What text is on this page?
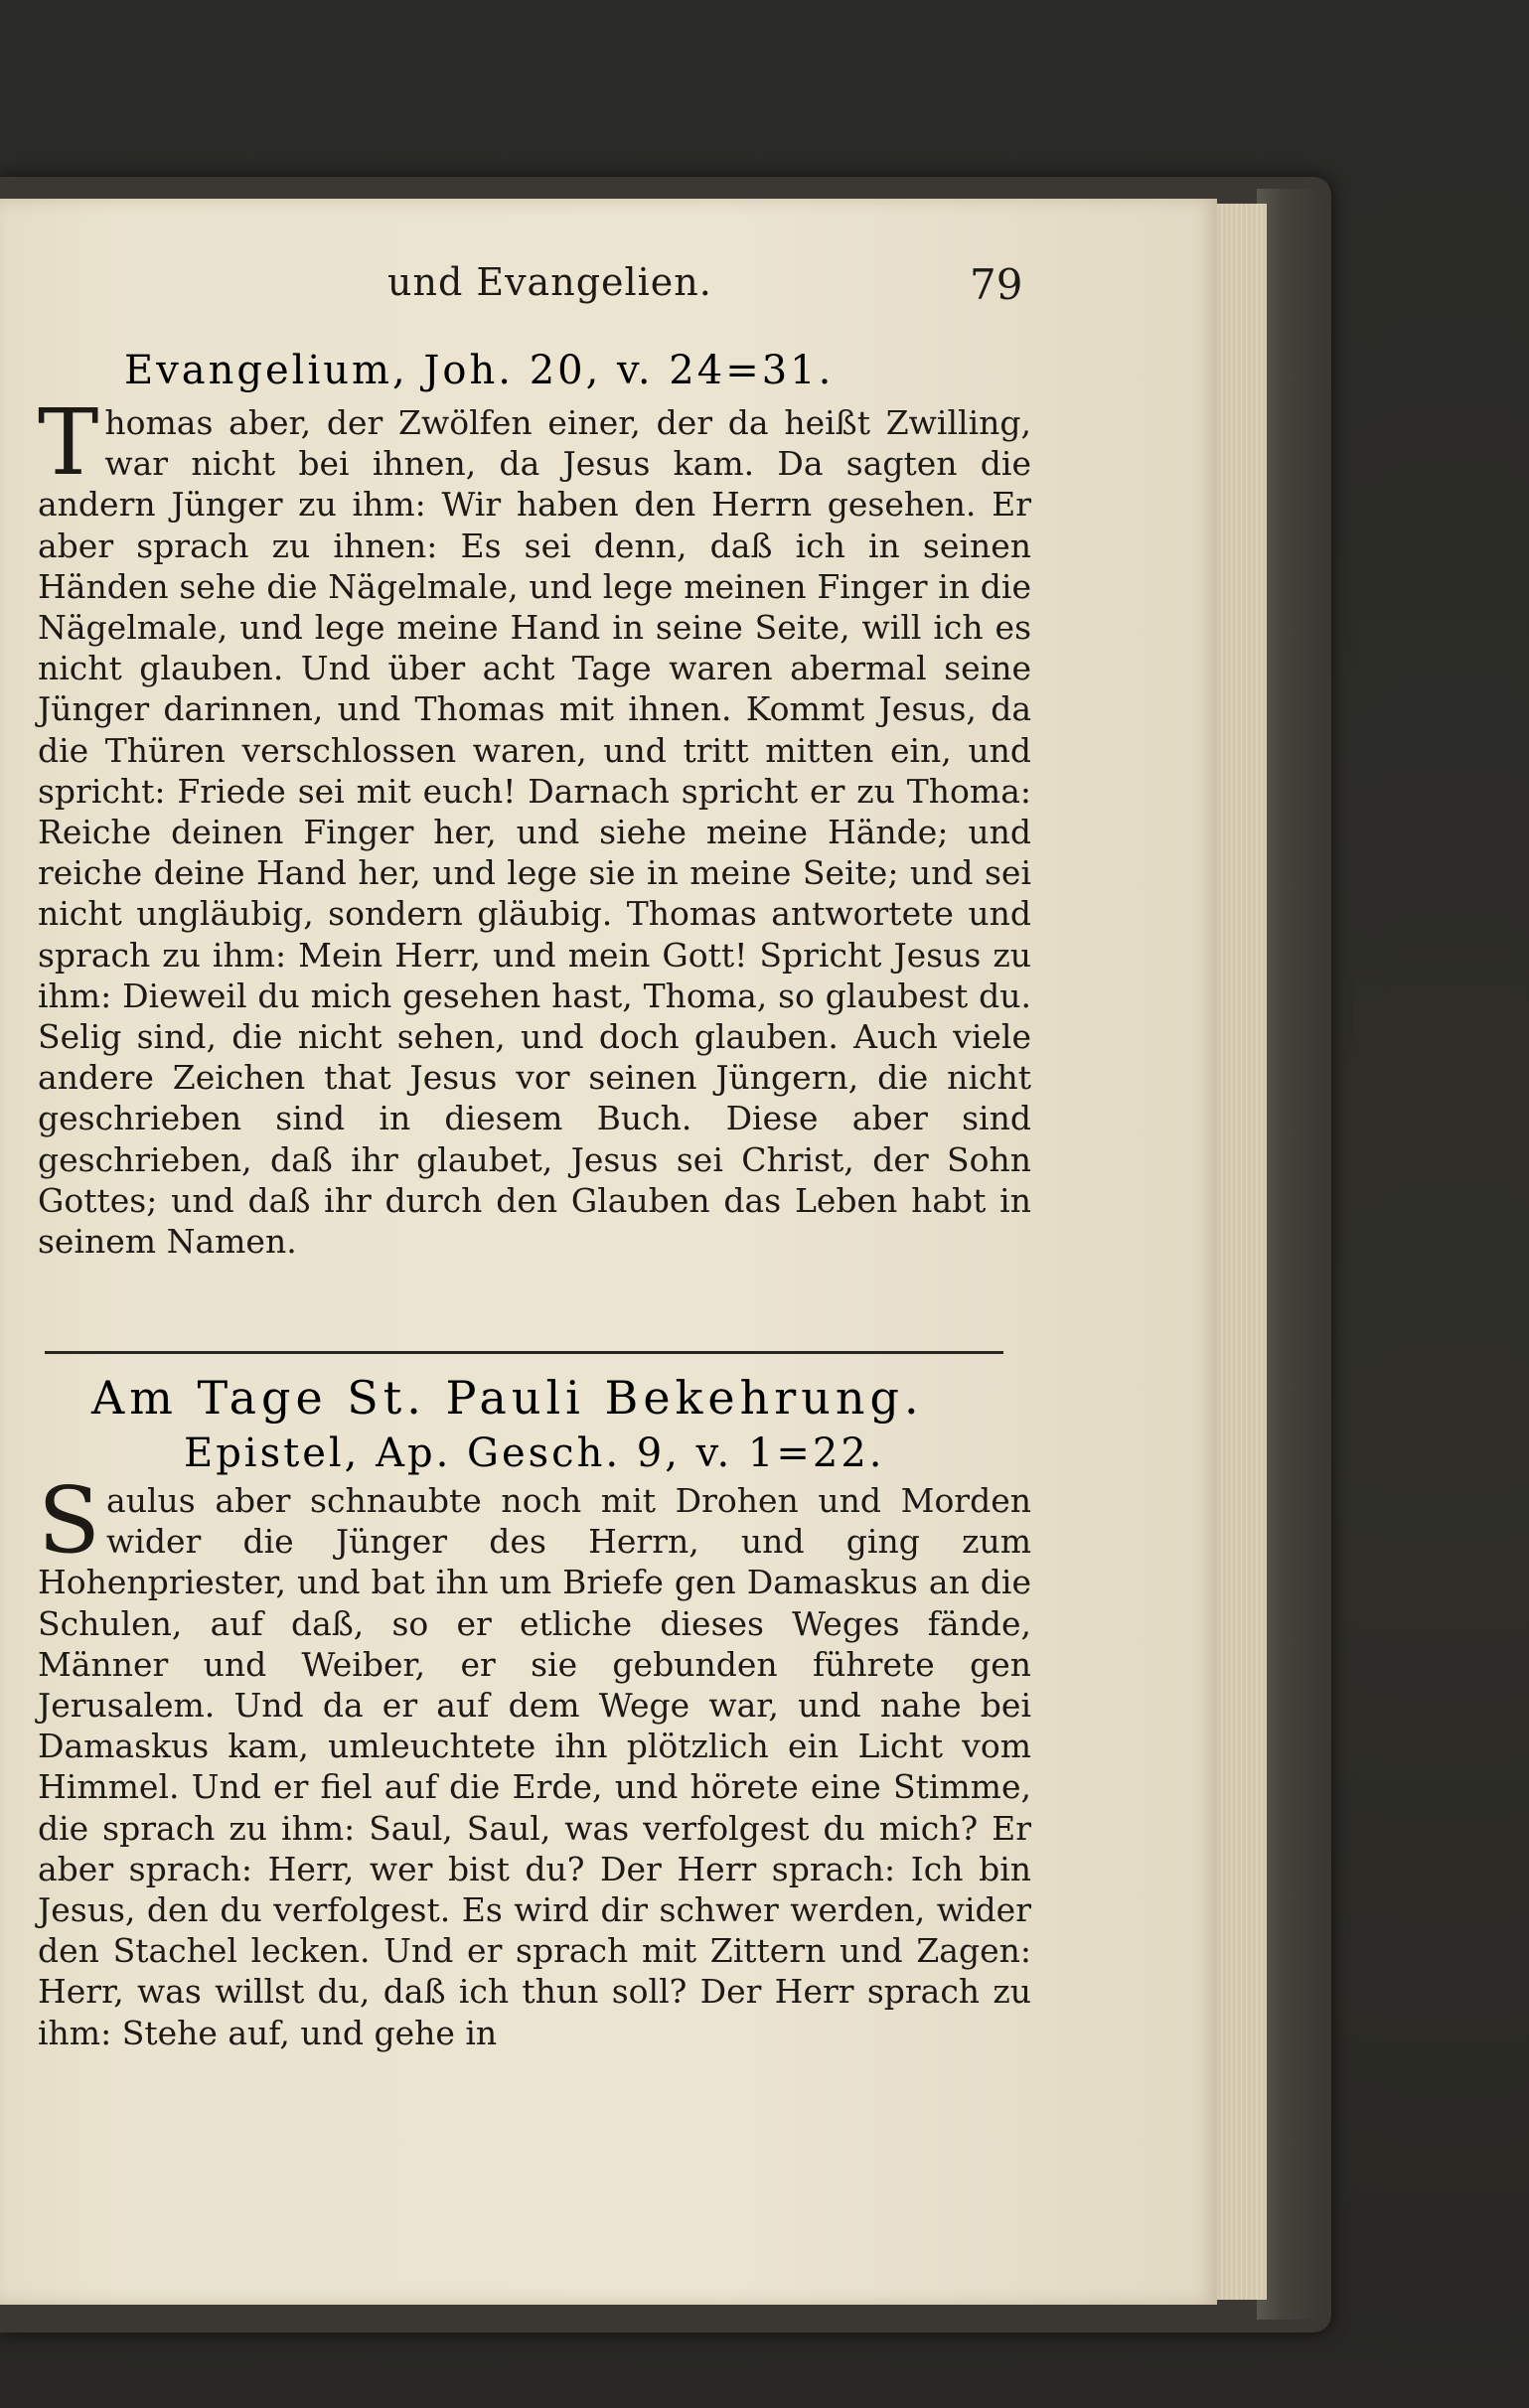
und Evangelien.	79
Evangelium, Joh. 20, v. 24=31.
Thomas aber, der Zwölfen einer, der da heißt Zwilling, war nicht bei ihnen, da Jesus kam. Da sagten die andern Jünger zu ihm: Wir haben den Herrn gesehen. Er aber sprach zu ihnen: Es sei denn, daß ich in seinen Händen sehe die Nägelmale, und lege meinen Finger in die Nägelmale, und lege meine Hand in seine Seite, will ich es nicht glauben. Und über acht Tage waren abermal seine Jünger darinnen, und Thomas mit ihnen. Kommt Jesus, da die Thüren verschlossen waren, und tritt mitten ein, und spricht: Friede sei mit euch! Darnach spricht er zu Thoma: Reiche deinen Finger her, und siehe meine Hände; und reiche deine Hand her, und lege sie in meine Seite; und sei nicht ungläubig, sondern gläubig. Thomas antwortete und sprach zu ihm: Mein Herr, und mein Gott! Spricht Jesus zu ihm: Dieweil du mich gesehen hast, Thoma, so glaubest du. Selig sind, die nicht sehen, und doch glauben. Auch viele andere Zeichen that Jesus vor seinen Jüngern, die nicht geschrieben sind in diesem Buch. Diese aber sind geschrieben, daß ihr glaubet, Jesus sei Christ, der Sohn Gottes; und daß ihr durch den Glauben das Leben habt in seinem Namen.
Am Tage St. Pauli Bekehrung.
Epistel, Ap. Gesch. 9, v. 1=22.
Saulus aber schnaubte noch mit Drohen und Morden wider die Jünger des Herrn, und ging zum Hohenpriester, und bat ihn um Briefe gen Damaskus an die Schulen, auf daß, so er etliche dieses Weges fände, Männer und Weiber, er sie gebunden führete gen Jerusalem. Und da er auf dem Wege war, und nahe bei Damaskus kam, umleuchtete ihn plötzlich ein Licht vom Himmel. Und er fiel auf die Erde, und hörete eine Stimme, die sprach zu ihm: Saul, Saul, was verfolgest du mich? Er aber sprach: Herr, wer bist du? Der Herr sprach: Ich bin Jesus, den du verfolgest. Es wird dir schwer werden, wider den Stachel lecken. Und er sprach mit Zittern und Zagen: Herr, was willst du, daß ich thun soll? Der Herr sprach zu ihm: Stehe auf, und gehe in
